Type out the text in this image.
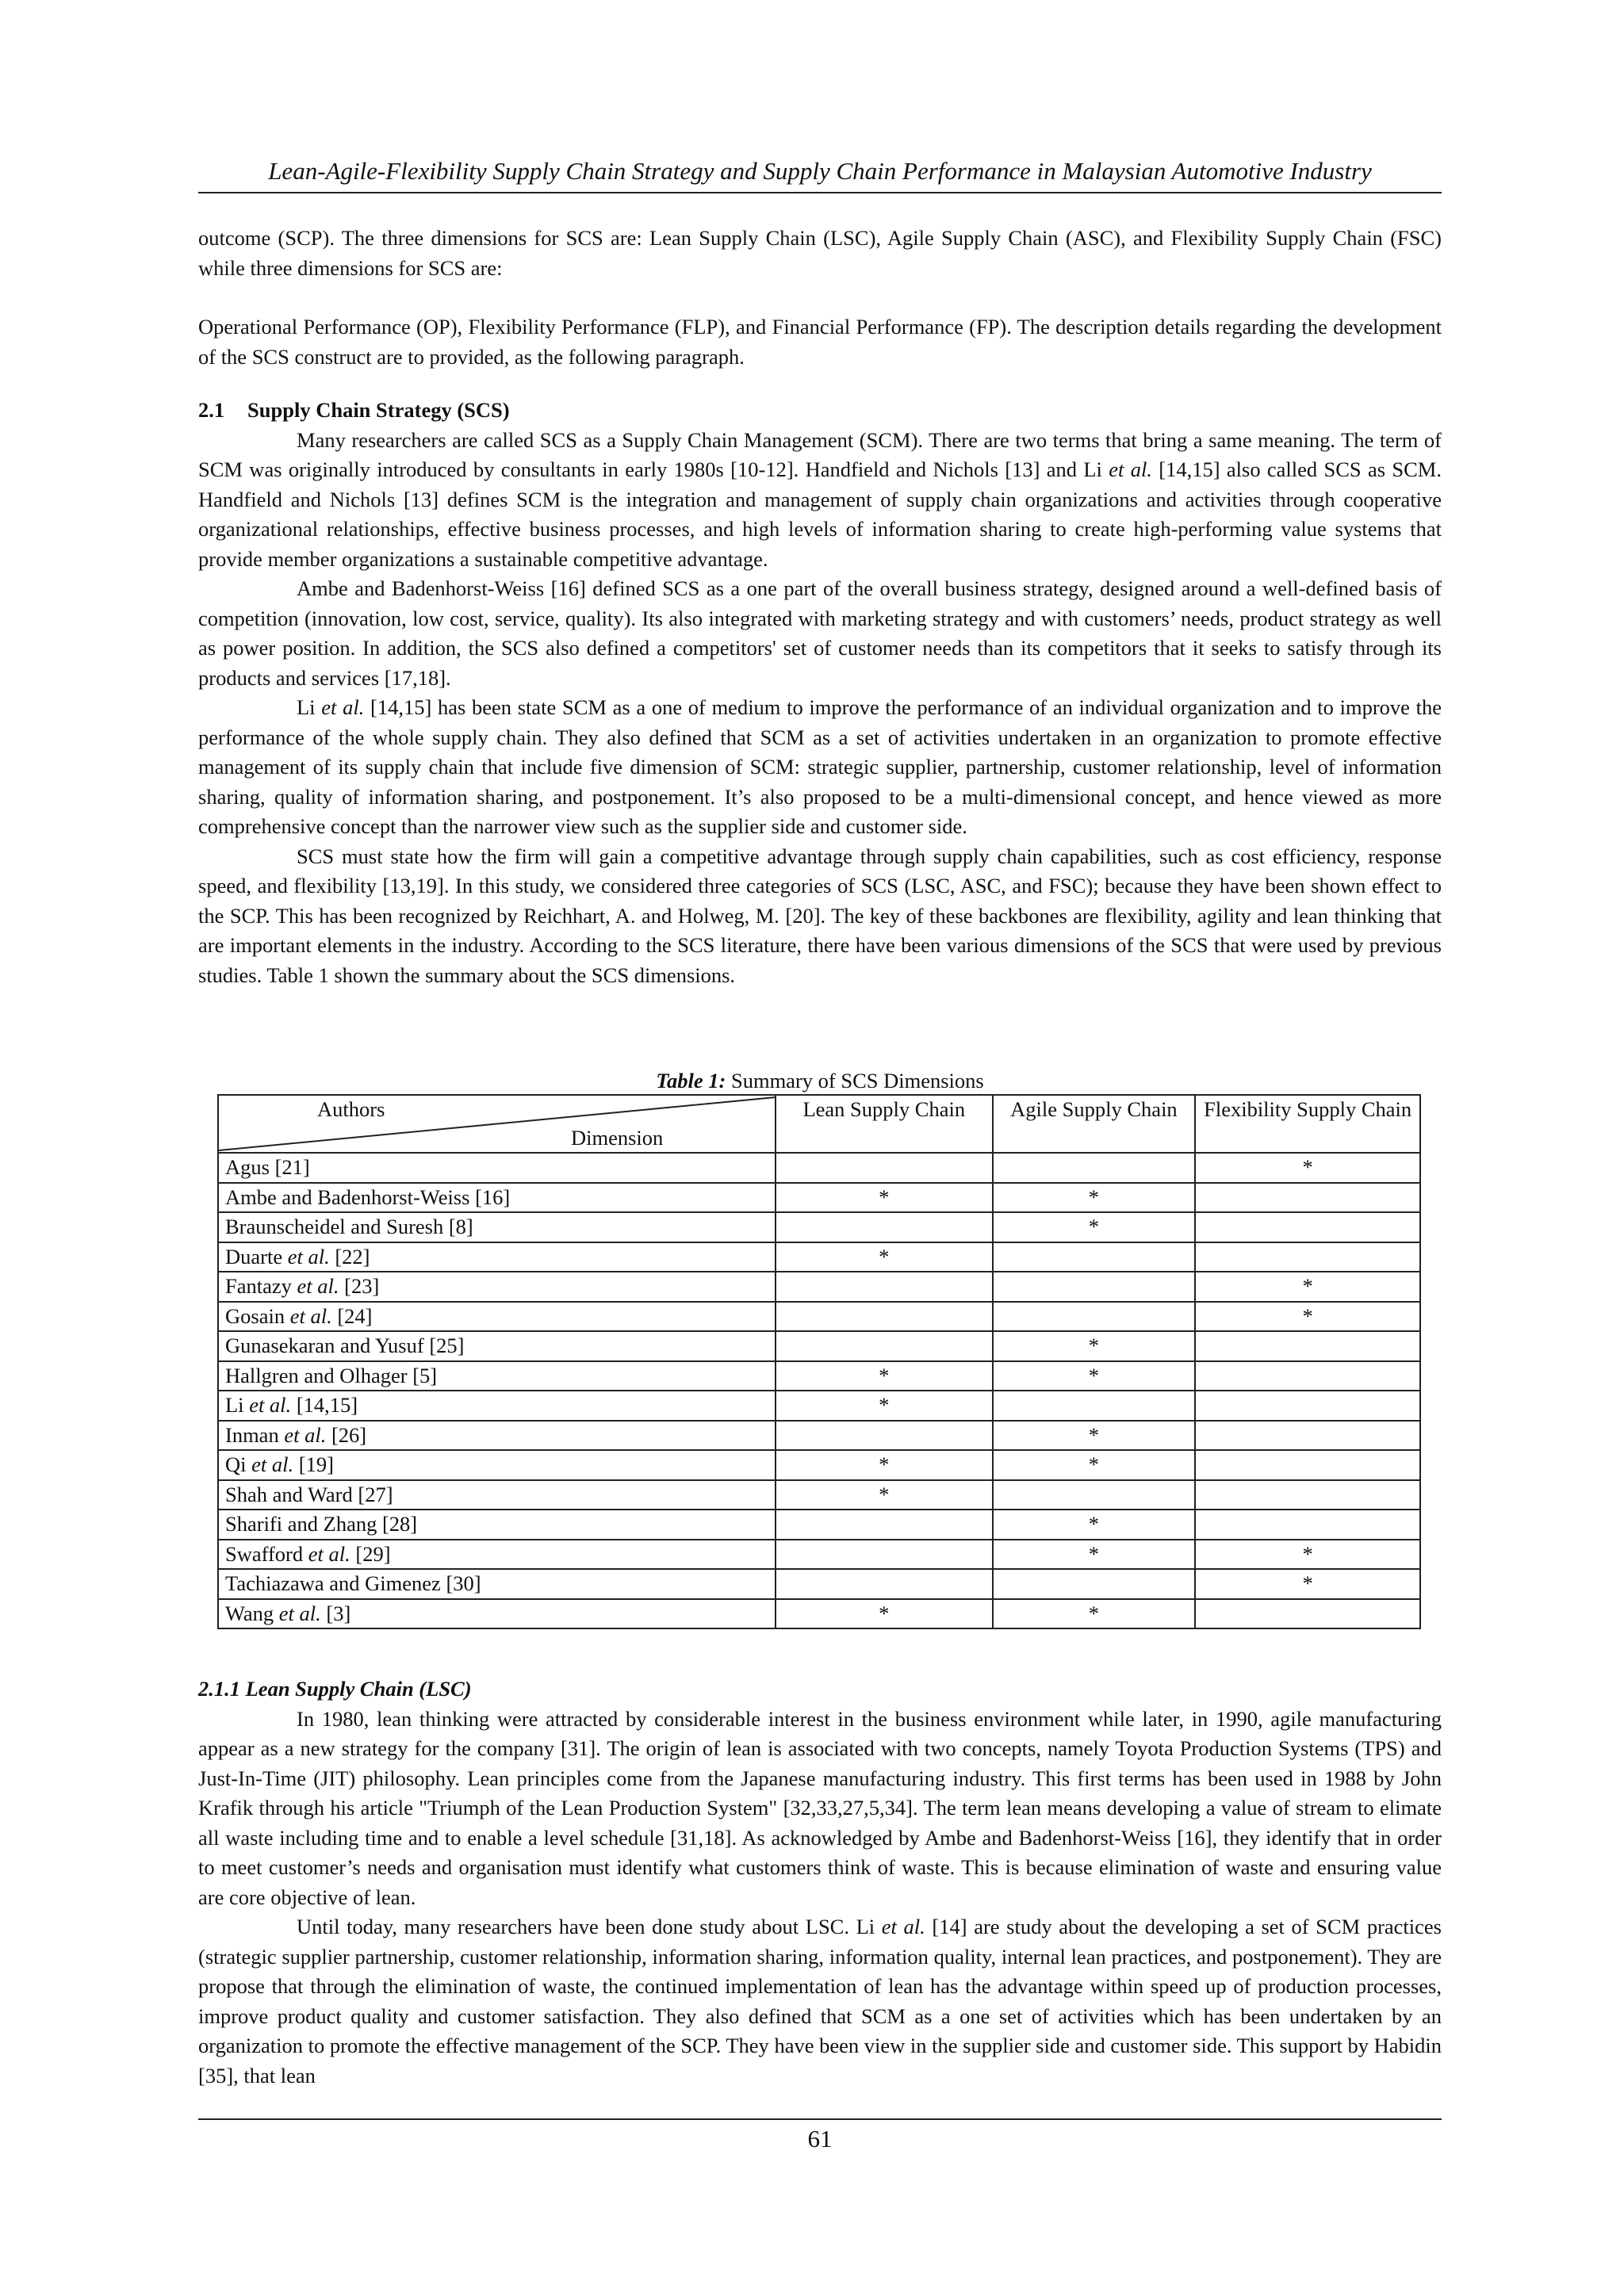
Lean-Agile-Flexibility Supply Chain Strategy and Supply Chain Performance in Malaysian Automotive Industry

outcome (SCP). The three dimensions for SCS are: Lean Supply Chain (LSC), Agile Supply Chain (ASC), and Flexibility Supply Chain (FSC) while three dimensions for SCS are:

Operational Performance (OP), Flexibility Performance (FLP), and Financial Performance (FP). The description details regarding the development of the SCS construct are to provided, as the following paragraph.

2.1 Supply Chain Strategy (SCS)

Many researchers are called SCS as a Supply Chain Management (SCM). There are two terms that bring a same meaning. The term of SCM was originally introduced by consultants in early 1980s [10-12]. Handfield and Nichols [13] and Li et al. [14,15] also called SCS as SCM. Handfield and Nichols [13] defines SCM is the integration and management of supply chain organizations and activities through cooperative organizational relationships, effective business processes, and high levels of information sharing to create high-performing value systems that provide member organizations a sustainable competitive advantage.

Ambe and Badenhorst-Weiss [16] defined SCS as a one part of the overall business strategy, designed around a well-defined basis of competition (innovation, low cost, service, quality). Its also integrated with marketing strategy and with customers’ needs, product strategy as well as power position. In addition, the SCS also defined a competitors' set of customer needs than its competitors that it seeks to satisfy through its products and services [17,18].

Li et al. [14,15] has been state SCM as a one of medium to improve the performance of an individual organization and to improve the performance of the whole supply chain. They also defined that SCM as a set of activities undertaken in an organization to promote effective management of its supply chain that include five dimension of SCM: strategic supplier, partnership, customer relationship, level of information sharing, quality of information sharing, and postponement. It’s also proposed to be a multi-dimensional concept, and hence viewed as more comprehensive concept than the narrower view such as the supplier side and customer side.

SCS must state how the firm will gain a competitive advantage through supply chain capabilities, such as cost efficiency, response speed, and flexibility [13,19]. In this study, we considered three categories of SCS (LSC, ASC, and FSC); because they have been shown effect to the SCP. This has been recognized by Reichhart, A. and Holweg, M. [20]. The key of these backbones are flexibility, agility and lean thinking that are important elements in the industry. According to the SCS literature, there have been various dimensions of the SCS that were used by previous studies. Table 1 shown the summary about the SCS dimensions.

Table 1: Summary of SCS Dimensions
Authors
Dimension	Lean Supply Chain	Agile Supply Chain	Flexibility Supply Chain
Agus [21]			*
Ambe and Badenhorst-Weiss [16]	*	*	
Braunscheidel and Suresh [8]		*	
Duarte et al. [22]	*		
Fantazy et al. [23]			*
Gosain et al. [24]			*
Gunasekaran and Yusuf [25]		*	
Hallgren and Olhager [5]	*	*	
Li et al. [14,15]	*		
Inman et al. [26]		*	
Qi et al. [19]	*	*	
Shah and Ward [27]	*		
Sharifi and Zhang [28]		*	
Swafford et al. [29]		*	*
Tachiazawa and Gimenez [30]			*
Wang et al. [3]	*	*	
2.1.1 Lean Supply Chain (LSC)

In 1980, lean thinking were attracted by considerable interest in the business environment while later, in 1990, agile manufacturing appear as a new strategy for the company [31]. The origin of lean is associated with two concepts, namely Toyota Production Systems (TPS) and Just-In-Time (JIT) philosophy. Lean principles come from the Japanese manufacturing industry. This first terms has been used in 1988 by John Krafik through his article "Triumph of the Lean Production System" [32,33,27,5,34]. The term lean means developing a value of stream to elimate all waste including time and to enable a level schedule [31,18]. As acknowledged by Ambe and Badenhorst-Weiss [16], they identify that in order to meet customer’s needs and organisation must identify what customers think of waste. This is because elimination of waste and ensuring value are core objective of lean.

Until today, many researchers have been done study about LSC. Li et al. [14] are study about the developing a set of SCM practices (strategic supplier partnership, customer relationship, information sharing, information quality, internal lean practices, and postponement). They are propose that through the elimination of waste, the continued implementation of lean has the advantage within speed up of production processes, improve product quality and customer satisfaction. They also defined that SCM as a one set of activities which has been undertaken by an organization to promote the effective management of the SCP. They have been view in the supplier side and customer side. This support by Habidin [35], that lean

61
